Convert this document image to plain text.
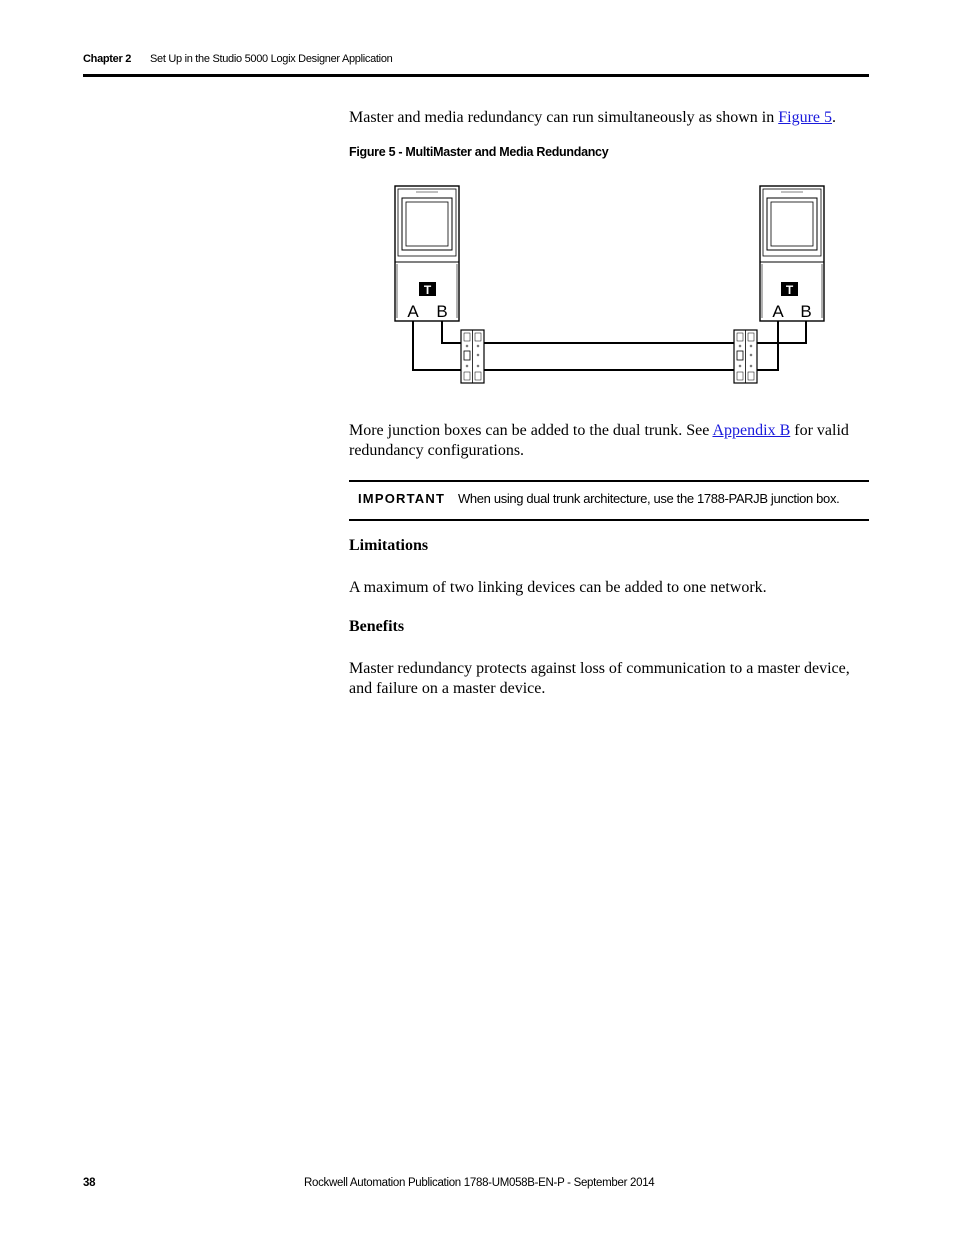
Chapter 2 Set Up in the Studio 5000 Logix Designer Application
Master and media redundancy can run simultaneously as shown in Figure 5.
Figure 5 - MultiMaster and Media Redundancy
T
A B
T
A B
More junction boxes can be added to the dual trunk. See Appendix B for valid redundancy configurations.
IMPORTANT When using dual trunk architecture, use the 1788-PARJB junction box.
Limitations
A maximum of two linking devices can be added to one network.
Benefits
Master redundancy protects against loss of communication to a master device, and failure on a master device.
38	Rockwell Automation Publication 1788-UM058B-EN-P - September 2014
